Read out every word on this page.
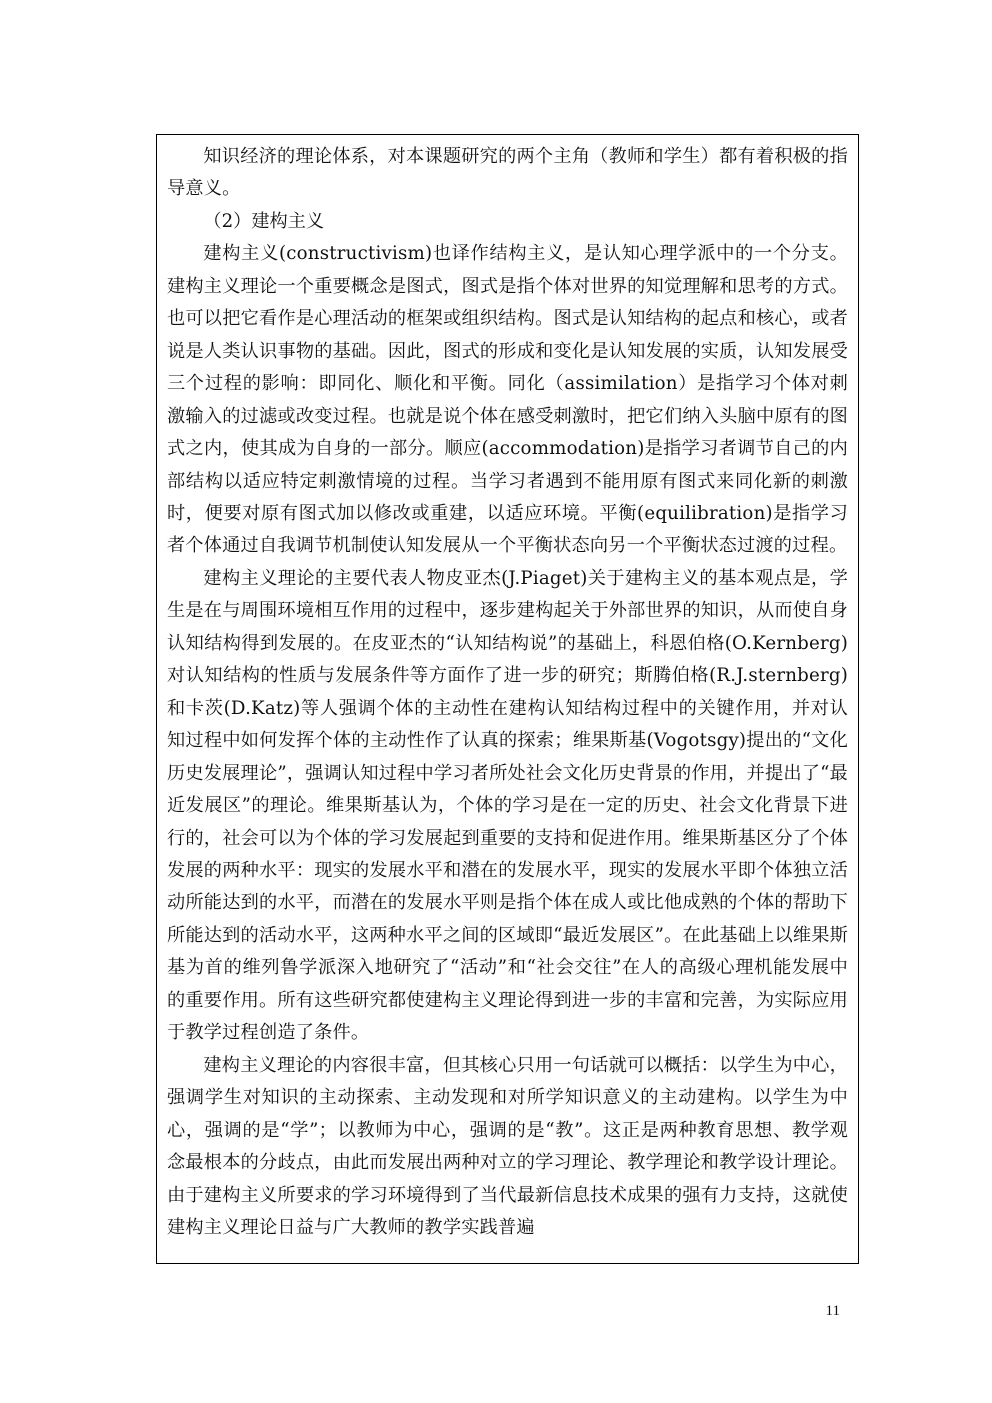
知识经济的理论体系，对本课题研究的两个主角（教师和学生）都有着积极的指导意义。

（2）建构主义

建构主义(constructivism)也译作结构主义，是认知心理学派中的一个分支。建构主义理论一个重要概念是图式，图式是指个体对世界的知觉理解和思考的方式。也可以把它看作是心理活动的框架或组织结构。图式是认知结构的起点和核心，或者说是人类认识事物的基础。因此，图式的形成和变化是认知发展的实质，认知发展受三个过程的影响：即同化、顺化和平衡。同化（assimilation）是指学习个体对刺激输入的过滤或改变过程。也就是说个体在感受刺激时，把它们纳入头脑中原有的图式之内，使其成为自身的一部分。顺应(accommodation)是指学习者调节自己的内部结构以适应特定刺激情境的过程。当学习者遇到不能用原有图式来同化新的刺激时，便要对原有图式加以修改或重建，以适应环境。平衡(equilibration)是指学习者个体通过自我调节机制使认知发展从一个平衡状态向另一个平衡状态过渡的过程。

建构主义理论的主要代表人物皮亚杰(J.Piaget)关于建构主义的基本观点是，学生是在与周围环境相互作用的过程中，逐步建构起关于外部世界的知识，从而使自身认知结构得到发展的。在皮亚杰的“认知结构说”的基础上，科恩伯格(O.Kernberg)对认知结构的性质与发展条件等方面作了进一步的研究；斯腾伯格(R.J.sternberg)和卡茨(D.Katz)等人强调个体的主动性在建构认知结构过程中的关键作用，并对认知过程中如何发挥个体的主动性作了认真的探索；维果斯基(Vogotsgy)提出的“文化历史发展理论”，强调认知过程中学习者所处社会文化历史背景的作用，并提出了“最近发展区”的理论。维果斯基认为，个体的学习是在一定的历史、社会文化背景下进行的，社会可以为个体的学习发展起到重要的支持和促进作用。维果斯基区分了个体发展的两种水平：现实的发展水平和潜在的发展水平，现实的发展水平即个体独立活动所能达到的水平，而潜在的发展水平则是指个体在成人或比他成熟的个体的帮助下所能达到的活动水平，这两种水平之间的区域即“最近发展区”。在此基础上以维果斯基为首的维列鲁学派深入地研究了“活动”和“社会交往”在人的高级心理机能发展中的重要作用。所有这些研究都使建构主义理论得到进一步的丰富和完善，为实际应用于教学过程创造了条件。

建构主义理论的内容很丰富，但其核心只用一句话就可以概括：以学生为中心，强调学生对知识的主动探索、主动发现和对所学知识意义的主动建构。以学生为中心，强调的是“学”；以教师为中心，强调的是“教”。这正是两种教育思想、教学观念最根本的分歧点，由此而发展出两种对立的学习理论、教学理论和教学设计理论。由于建构主义所要求的学习环境得到了当代最新信息技术成果的强有力支持，这就使建构主义理论日益与广大教师的教学实践普遍

11
